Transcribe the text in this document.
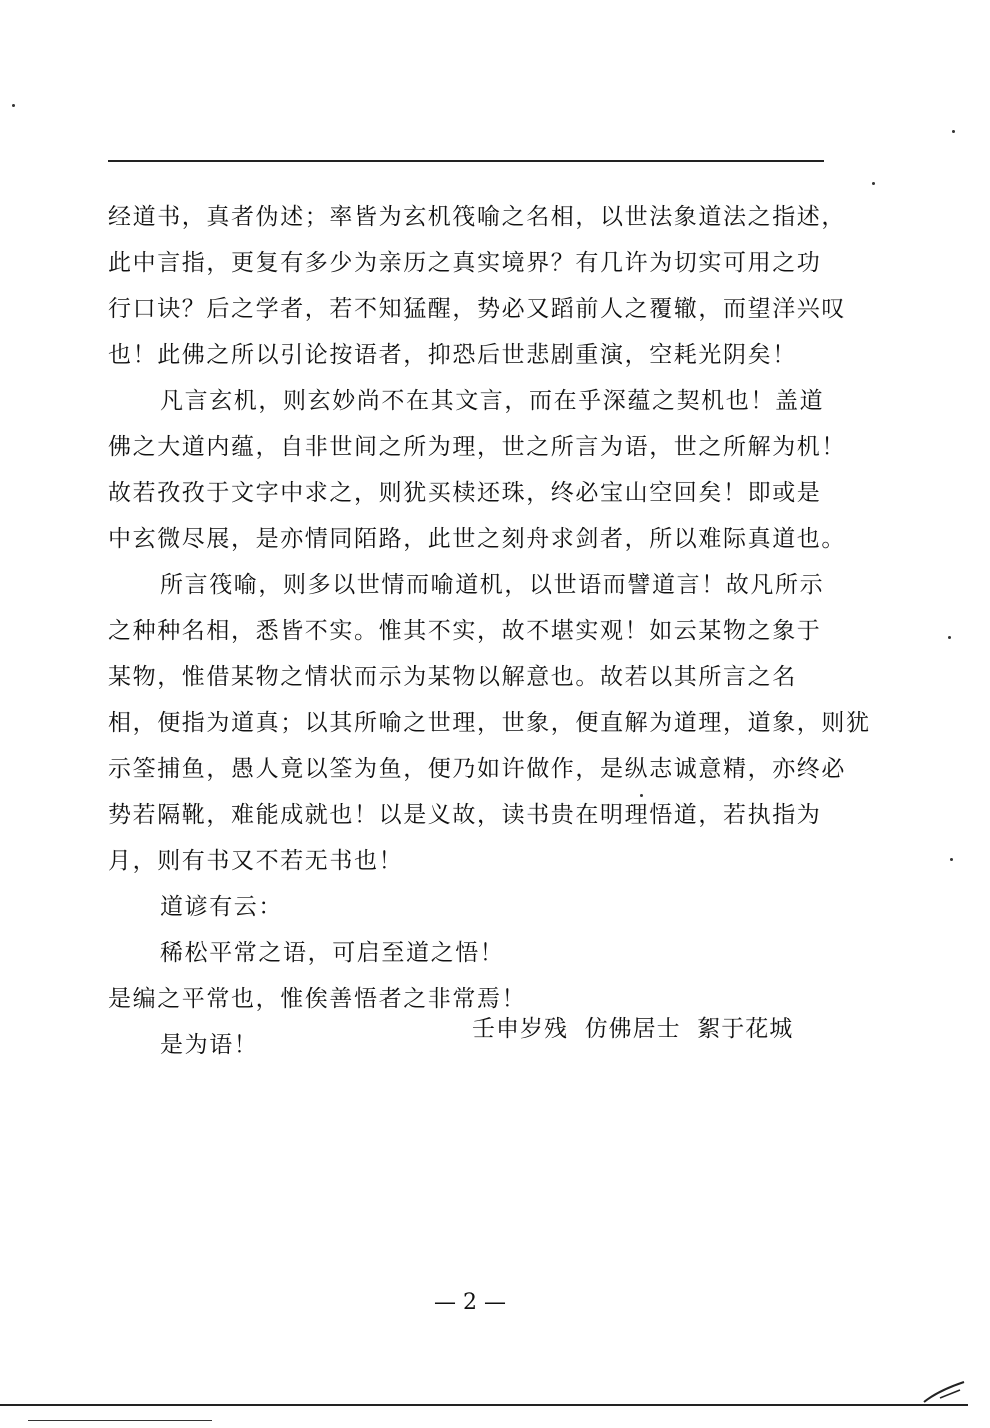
经道书，真者伪述；率皆为玄机筏喻之名相，以世法象道法之指述，
此中言指，更复有多少为亲历之真实境界？有几许为切实可用之功
行口诀？后之学者，若不知猛醒，势必又蹈前人之覆辙，而望洋兴叹
也！此佛之所以引论按语者，抑恐后世悲剧重演，空耗光阴矣！
凡言玄机，则玄妙尚不在其文言，而在乎深蕴之契机也！盖道
佛之大道内蕴，自非世间之所为理，世之所言为语，世之所解为机！
故若孜孜于文字中求之，则犹买椟还珠，终必宝山空回矣！即或是
中玄微尽展，是亦情同陌路，此世之刻舟求剑者，所以难际真道也。
所言筏喻，则多以世情而喻道机，以世语而譬道言！故凡所示
之种种名相，悉皆不实。惟其不实，故不堪实观！如云某物之象于
某物，惟借某物之情状而示为某物以解意也。故若以其所言之名
相，便指为道真；以其所喻之世理，世象，便直解为道理，道象，则犹
示筌捕鱼，愚人竟以筌为鱼，便乃如许做作，是纵志诚意精，亦终必
势若隔靴，难能成就也！以是义故，读书贵在明理悟道，若执指为
月，则有书又不若无书也！
道谚有云：
稀松平常之语，可启至道之悟！
是编之平常也，惟俟善悟者之非常焉！
是为语！
壬申岁残  仿佛居士  絮于花城
— 2 —
